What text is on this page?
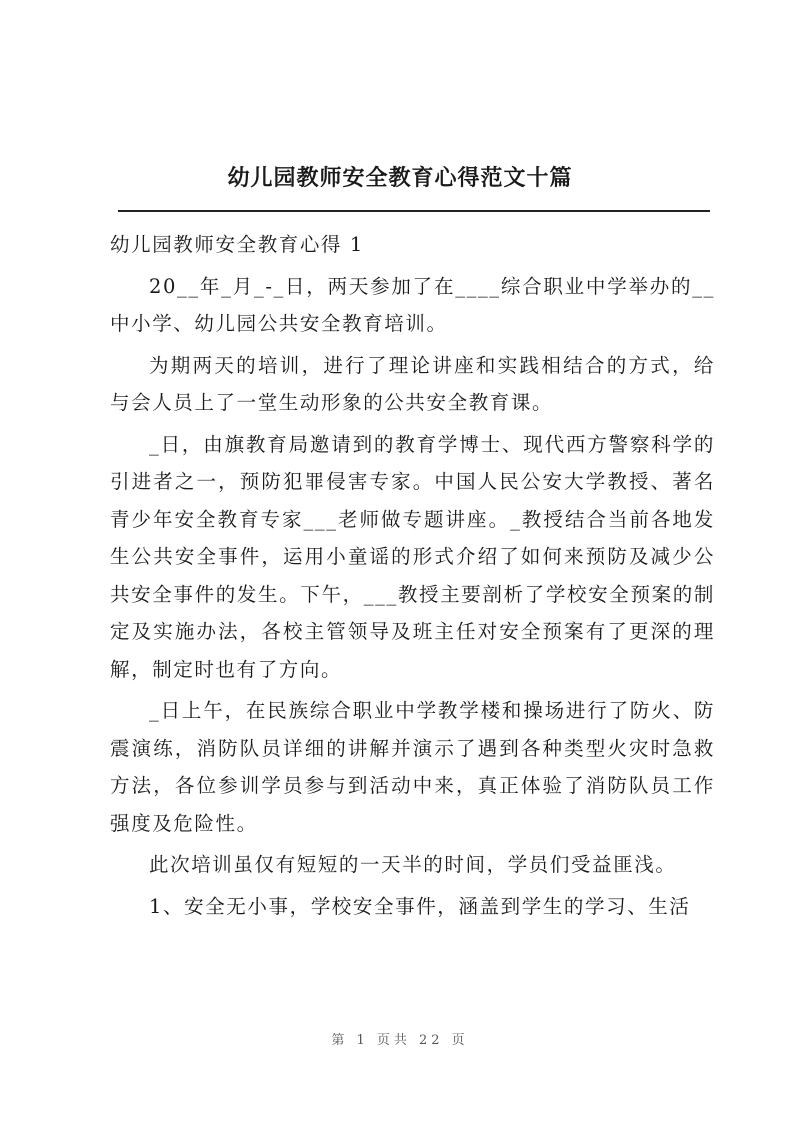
幼儿园教师安全教育心得范文十篇

幼儿园教师安全教育心得 1

20__年_月_-_日，两天参加了在____综合职业中学举办的__中小学、幼儿园公共安全教育培训。

为期两天的培训，进行了理论讲座和实践相结合的方式，给与会人员上了一堂生动形象的公共安全教育课。

_日，由旗教育局邀请到的教育学博士、现代西方警察科学的引进者之一，预防犯罪侵害专家。中国人民公安大学教授、著名青少年安全教育专家___老师做专题讲座。_教授结合当前各地发生公共安全事件，运用小童谣的形式介绍了如何来预防及减少公共安全事件的发生。下午，___教授主要剖析了学校安全预案的制定及实施办法，各校主管领导及班主任对安全预案有了更深的理解，制定时也有了方向。

_日上午，在民族综合职业中学教学楼和操场进行了防火、防震演练，消防队员详细的讲解并演示了遇到各种类型火灾时急救方法，各位参训学员参与到活动中来，真正体验了消防队员工作强度及危险性。

此次培训虽仅有短短的一天半的时间，学员们受益匪浅。

1、安全无小事，学校安全事件，涵盖到学生的学习、生活

第 1 页共 22 页
